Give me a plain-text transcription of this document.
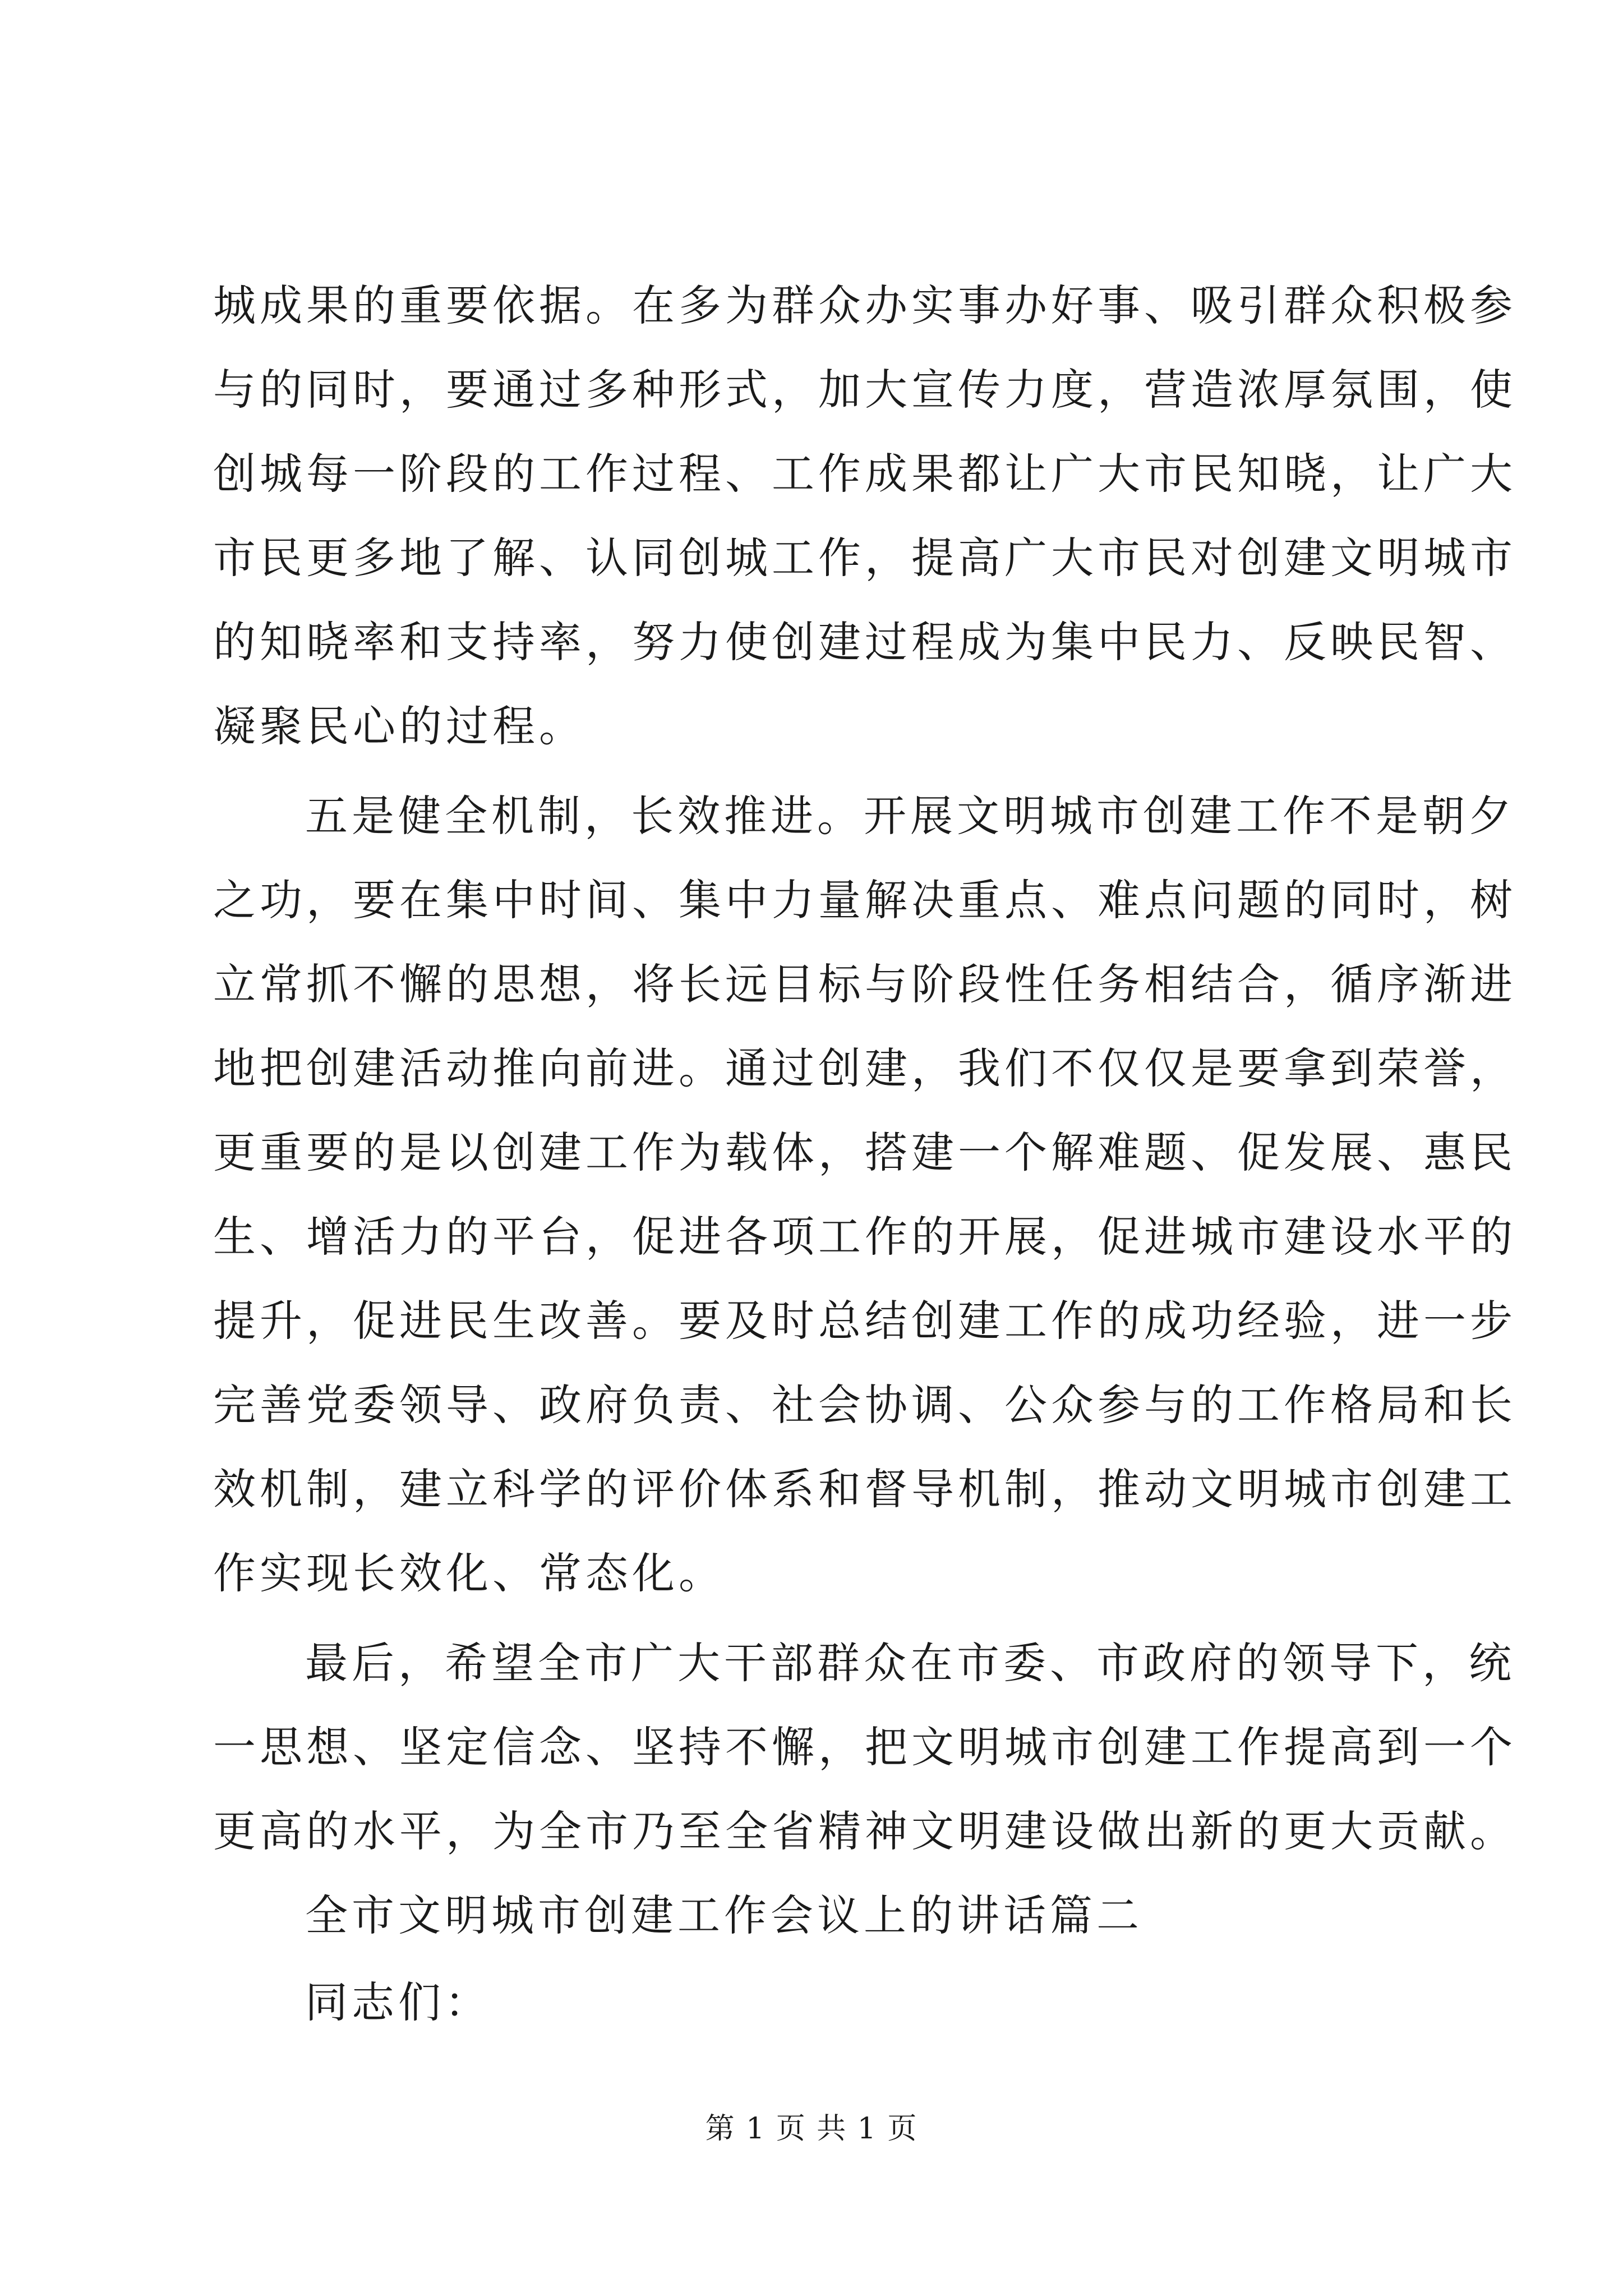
城成果的重要依据。在多为群众办实事办好事、吸引群众积极参
与的同时，要通过多种形式，加大宣传力度，营造浓厚氛围，使
创城每一阶段的工作过程、工作成果都让广大市民知晓，让广大
市民更多地了解、认同创城工作，提高广大市民对创建文明城市
的知晓率和支持率，努力使创建过程成为集中民力、反映民智、
凝聚民心的过程。
五是健全机制，长效推进。开展文明城市创建工作不是朝夕
之功，要在集中时间、集中力量解决重点、难点问题的同时，树
立常抓不懈的思想，将长远目标与阶段性任务相结合，循序渐进
地把创建活动推向前进。通过创建，我们不仅仅是要拿到荣誉，
更重要的是以创建工作为载体，搭建一个解难题、促发展、惠民
生、增活力的平台，促进各项工作的开展，促进城市建设水平的
提升，促进民生改善。要及时总结创建工作的成功经验，进一步
完善党委领导、政府负责、社会协调、公众参与的工作格局和长
效机制，建立科学的评价体系和督导机制，推动文明城市创建工
作实现长效化、常态化。
最后，希望全市广大干部群众在市委、市政府的领导下，统
一思想、坚定信念、坚持不懈，把文明城市创建工作提高到一个
更高的水平，为全市乃至全省精神文明建设做出新的更大贡献。
全市文明城市创建工作会议上的讲话篇二
同志们：
第 1 页 共 1 页
